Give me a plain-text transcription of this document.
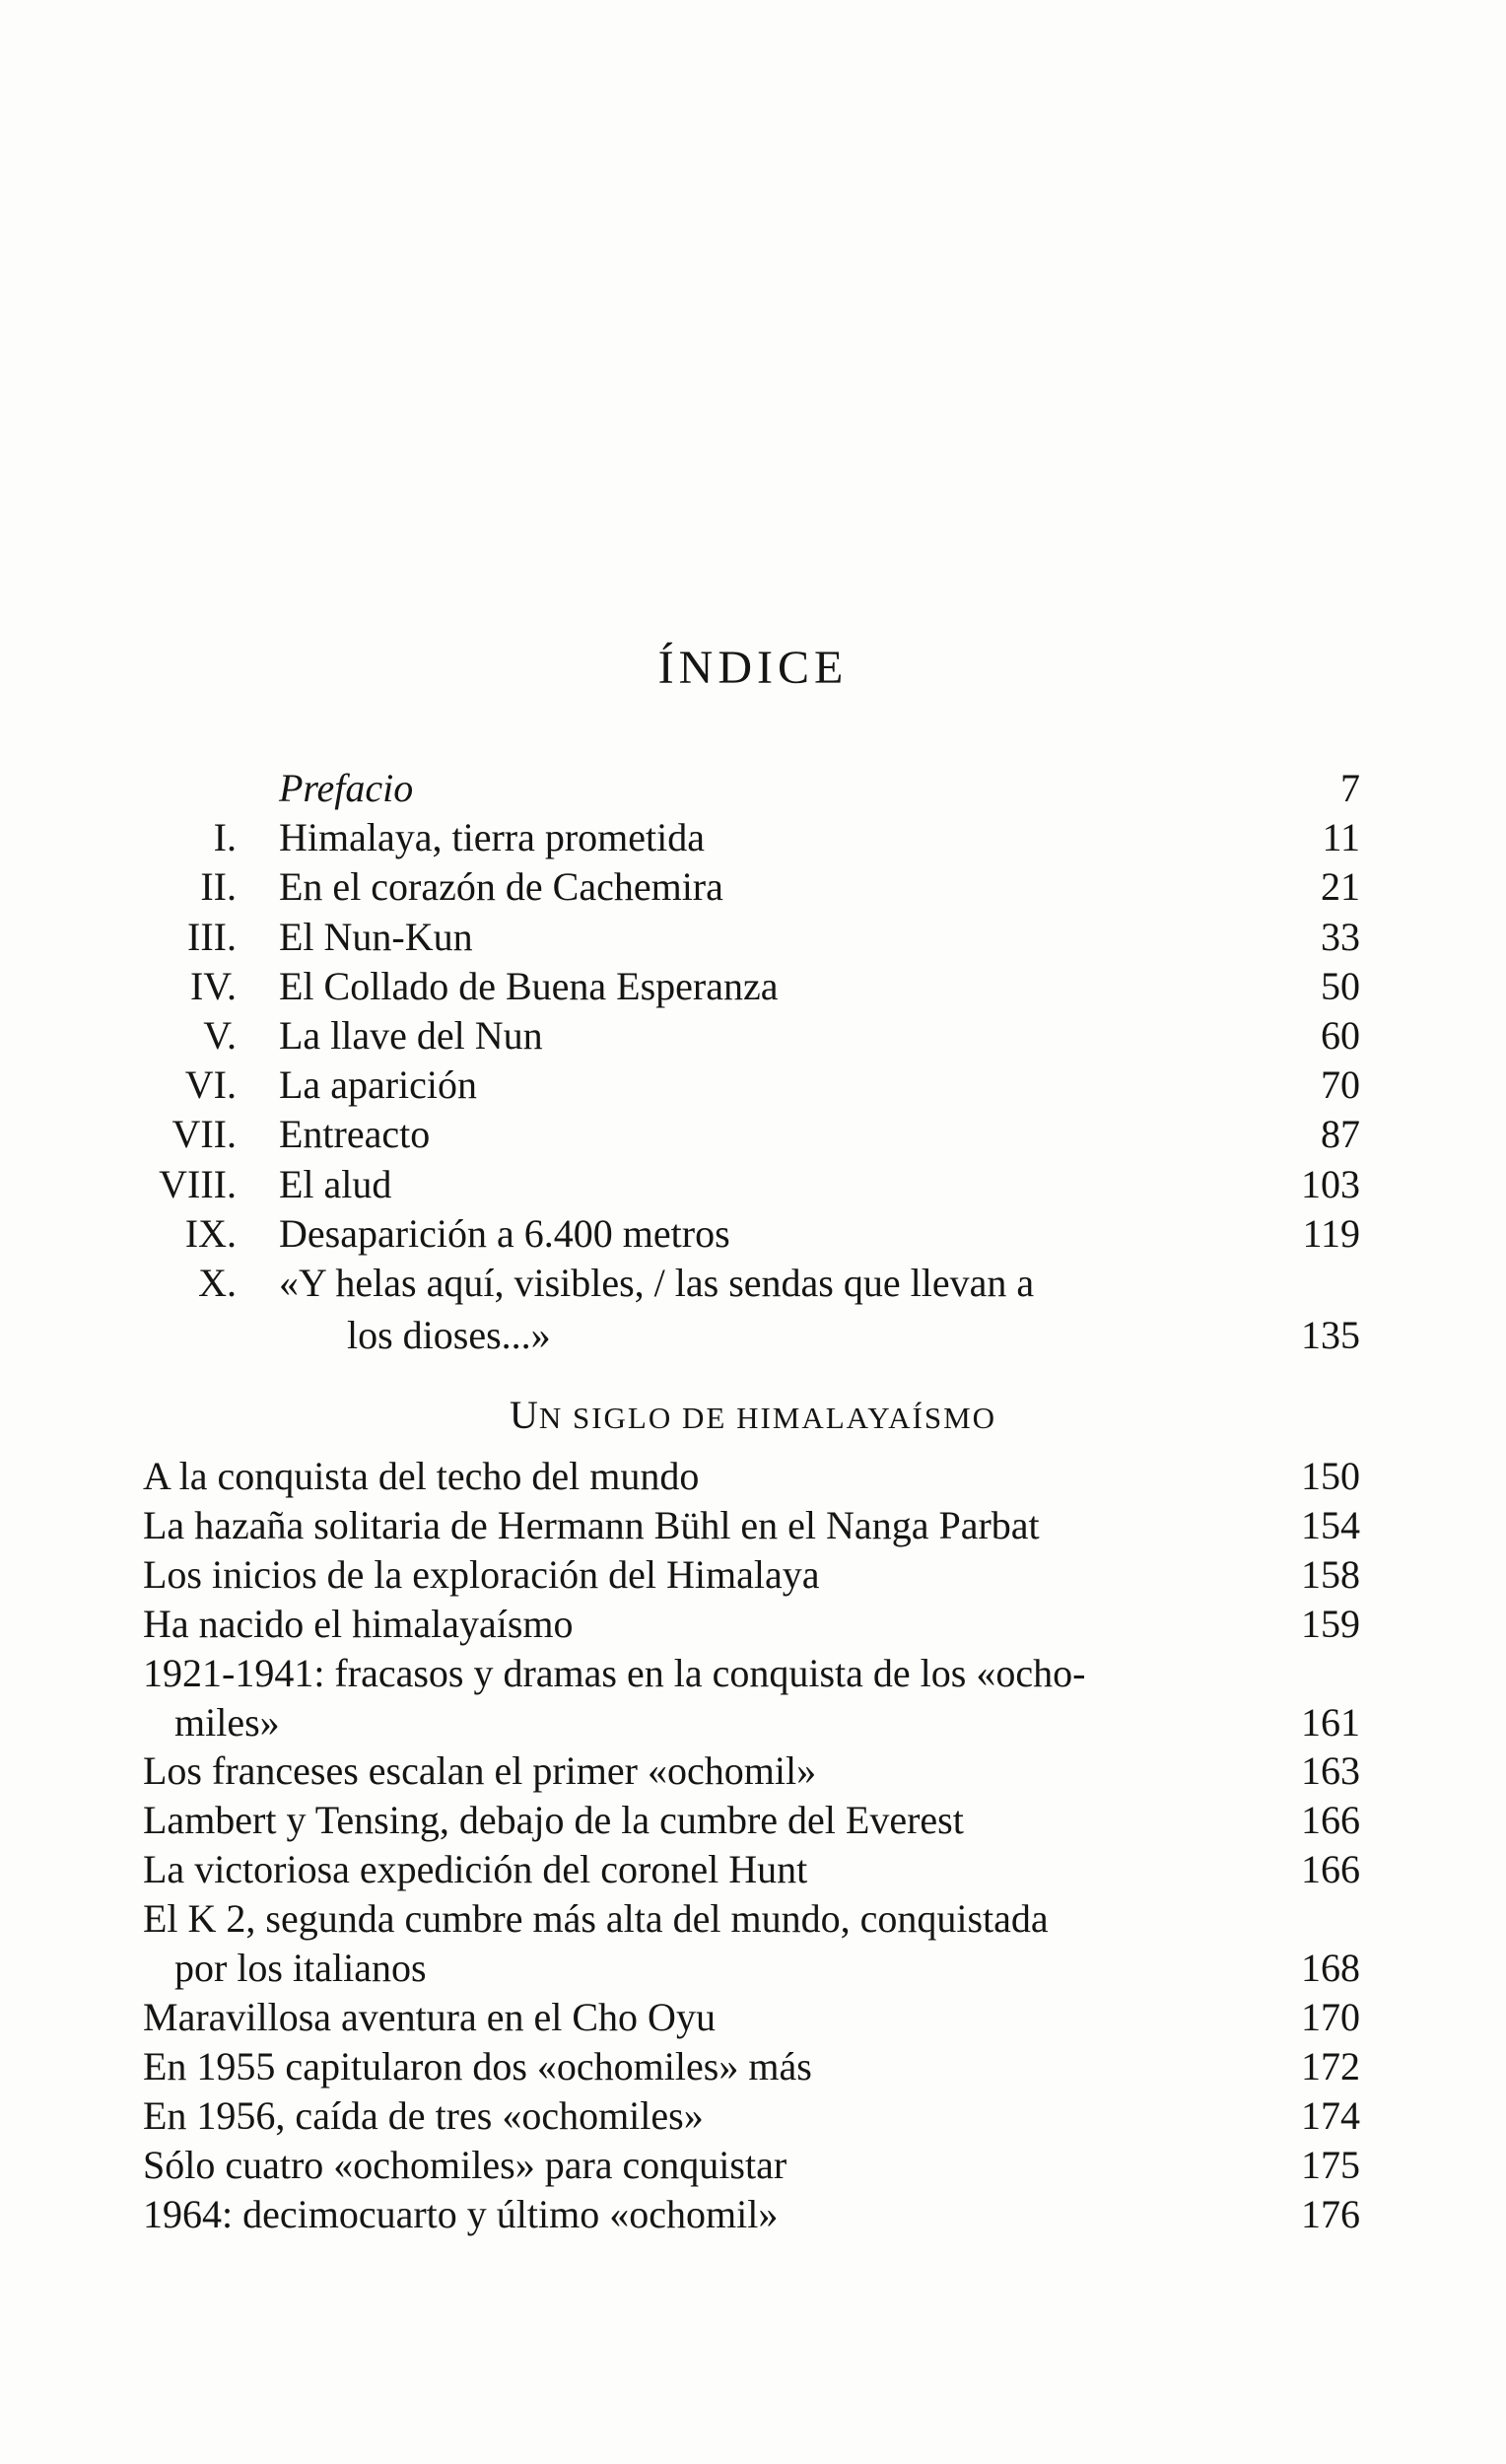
ÍNDICE
Prefacio	7
I. Himalaya, tierra prometida	11
II. En el corazón de Cachemira	21
III. El Nun-Kun	33
IV. El Collado de Buena Esperanza	50
V. La llave del Nun	60
VI. La aparición	70
VII. Entreacto	87
VIII. El alud	103
IX. Desaparición a 6.400 metros	119
X. «Y helas aquí, visibles, / las sendas que llevan a
los dioses...»	135
UN SIGLO DE HIMALAYAÍSMO
A la conquista del techo del mundo	150
La hazaña solitaria de Hermann Bühl en el Nanga Parbat	154
Los inicios de la exploración del Himalaya	158
Ha nacido el himalayaísmo	159
1921-1941: fracasos y dramas en la conquista de los «ocho-
miles»	161
Los franceses escalan el primer «ochomil»	163
Lambert y Tensing, debajo de la cumbre del Everest	166
La victoriosa expedición del coronel Hunt	166
El K 2, segunda cumbre más alta del mundo, conquistada
por los italianos	168
Maravillosa aventura en el Cho Oyu	170
En 1955 capitularon dos «ochomiles» más	172
En 1956, caída de tres «ochomiles»	174
Sólo cuatro «ochomiles» para conquistar	175
1964: decimocuarto y último «ochomil»	176
